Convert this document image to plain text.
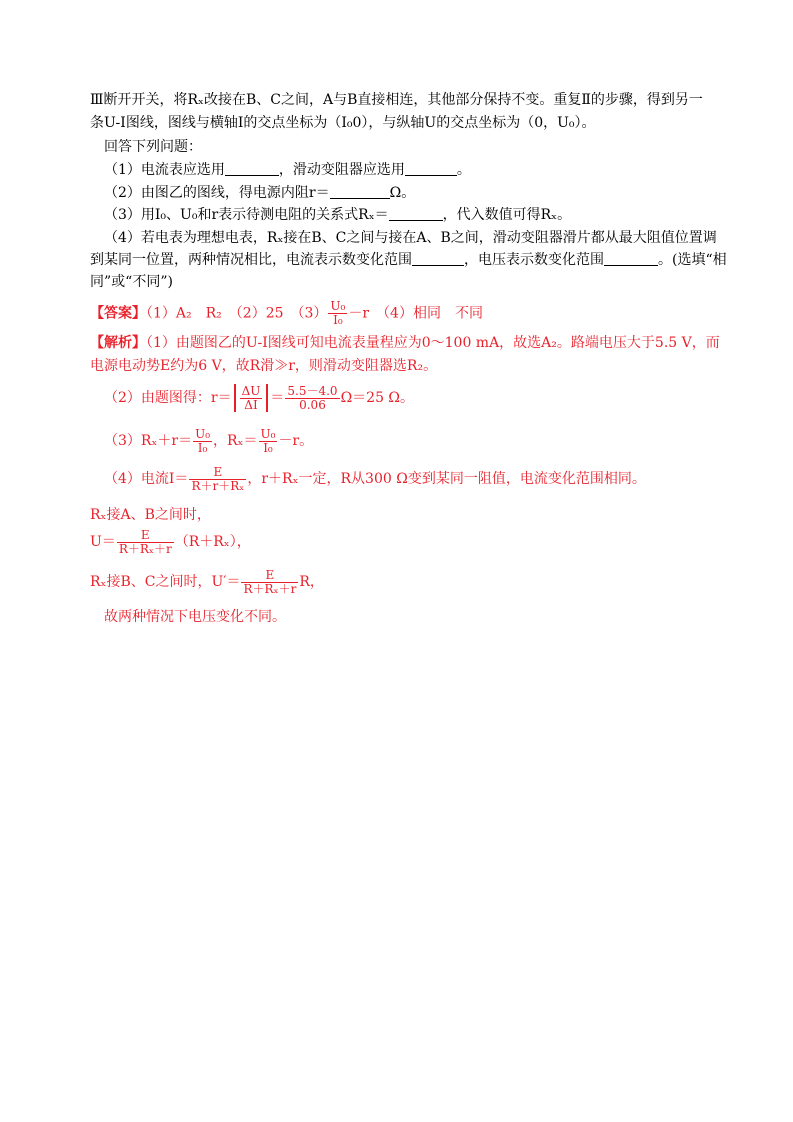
Ⅲ断开开关，将Rₓ改接在B、C之间，A与B直接相连，其他部分保持不变。重复Ⅱ的步骤，得到另一
条U-I图线，图线与横轴I的交点坐标为（I₀0），与纵轴U的交点坐标为（0，U₀）。
回答下列问题：
（1）电流表应选用	，滑动变阻器应选用	。
（2）由图乙的图线，得电源内阻r＝	Ω。
（3）用I₀、U₀和r表示待测电阻的关系式Rₓ＝	，代入数值可得Rₓ。
（4）若电表为理想电表，Rₓ接在B、C之间与接在A、B之间，滑动变阻器滑片都从最大阻值位置调
到某同一位置，两种情况相比，电流表示数变化范围	，电压表示数变化范围	。(选填“相
同”或“不同”)
【答案】（1）A₂　R₂　（2）25　$(3) \frac{\text{U₀}}{\text{I₀}} -r$　（4）相同　不同
【解析】（1）由题图乙的U-I图线可知电流表量程应为0～100 mA，故选A₂。路端电压大于5.5 V，而
电源电动势E约为6 V，故R滑≫r，则滑动变阻器选R₂。
（2）由题图得：$r= \frac{\Delta U}{\Delta I} = \frac{5.5-4.0}{0.06} \Omega=25$ Ω。
$(3)R_x+r= \frac{\text{U₀}}{\text{I₀}}$ ，$R_x= \frac{\text{U₀}}{\text{I₀}} -r$。
（4）电流$I= \frac{E}{\text{R＋r＋Rₓ}}$ ，r＋Rₓ一定，R从300 Ω变到某同一阻值，电流变化范围相同。
Rₓ接A、B之间时，
$U= \frac{E}{\text{R＋Rₓ＋r}} (R+R_x)$，
Rₓ接B、C之间时，$U'= \frac{E}{\text{R＋Rₓ＋r}}$ R，
故两种情况下电压变化不同。
